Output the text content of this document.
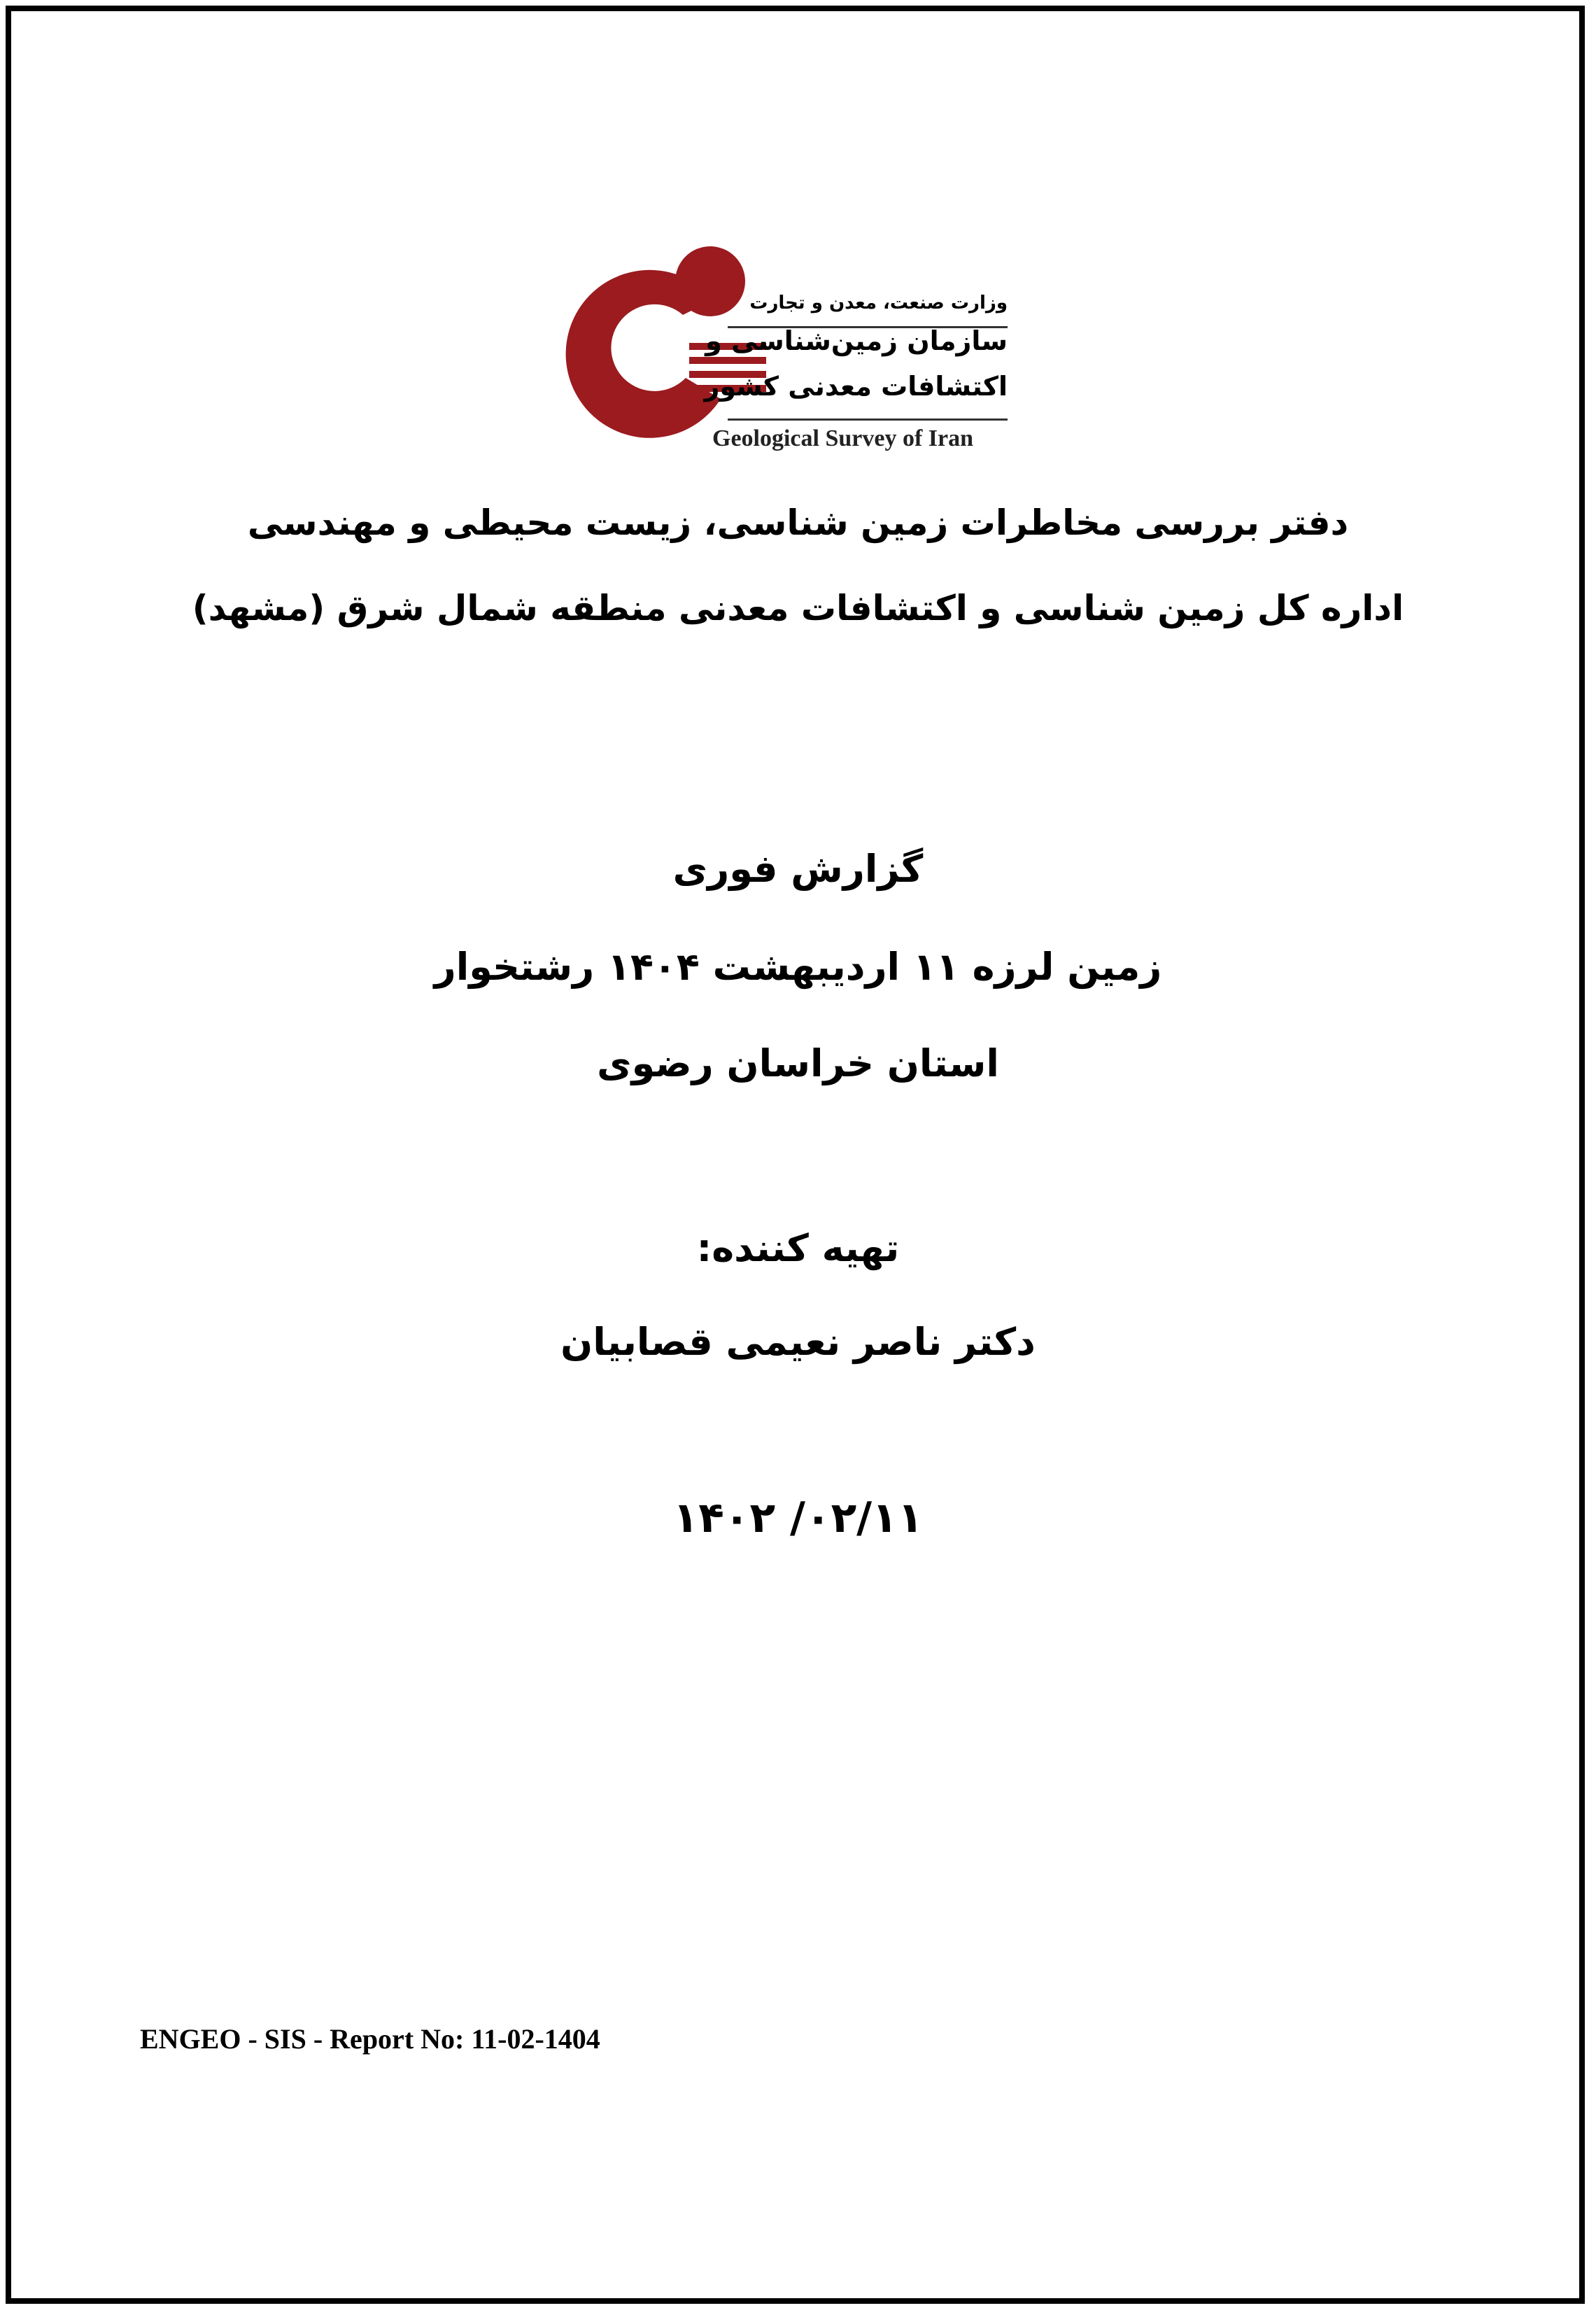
وزارت صنعت، معدن و تجارت
سازمان زمین‌شناسی و
اکتشافات معدنی کشور
Geological Survey of Iran
دفتر بررسی مخاطرات زمین شناسی، زیست محیطی و مهندسی
اداره کل زمین شناسی و اکتشافات معدنی منطقه شمال شرق (مشهد)
گزارش فوری
زمین لرزه ۱۱ اردیبهشت ۱۴۰۴ رشتخوار
استان خراسان رضوی
تهیه کننده:
دکتر ناصر نعیمی قصابیان
۱۴۰۲ /۰۲/۱۱
ENGEO - SIS - Report No: 11-02-1404
